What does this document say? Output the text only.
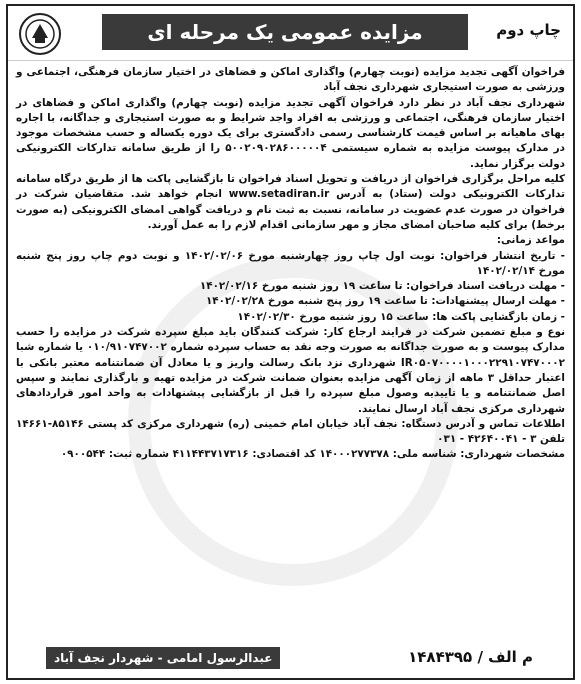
مزایده عمومی یک مرحله ای	چاپ دوم

فراخوان آگهی تجدید مزایده (نوبت چهارم) واگذاری اماکن و فضاهای در اختیار سازمان فرهنگی، اجتماعی و ورزشی به صورت استیجاری شهرداری نجف آباد

شهرداری نجف آباد در نظر دارد فراخوان آگهی تجدید مزایده (نوبت چهارم) واگذاری اماکن و فضاهای در اختیار سازمان فرهنگی، اجتماعی و ورزشی به افراد واجد شرایط و به صورت استیجاری و جداگانه، با اجاره بهای ماهیانه بر اساس قیمت کارشناسی رسمی دادگستری برای یک دوره یکساله و حسب مشخصات موجود در مدارک پیوست مزایده به شماره سیستمی ۵۰۰۲۰۹۰۲۸۶۰۰۰۰۰۴ را از طریق سامانه تدارکات الکترونیکی دولت برگزار نماید.

کلیه مراحل برگزاری فراخوان از دریافت و تحویل اسناد فراخوان تا بازگشایی پاکت ها از طریق درگاه سامانه تدارکات الکترونیکی دولت (ستاد) به آدرس www.setadiran.ir انجام خواهد شد. متقاضیان شرکت در فراخوان در صورت عدم عضویت در سامانه، نسبت به ثبت نام و دریافت گواهی امضای الکترونیکی (به صورت برخط) برای کلیه صاحبان امضای مجاز و مهر سازمانی اقدام لازم را به عمل آورند.

مواعد زمانی:

- تاریخ انتشار فراخوان: نوبت اول چاپ روز چهارشنبه مورخ ۱۴۰۲/۰۲/۰۶ و نوبت دوم چاپ روز پنج شنبه مورخ ۱۴۰۲/۰۲/۱۴

- مهلت دریافت اسناد فراخوان: تا ساعت ۱۹ روز شنبه مورخ ۱۴۰۲/۰۲/۱۶

- مهلت ارسال پیشنهادات: تا ساعت ۱۹ روز پنج شنبه مورخ ۱۴۰۲/۰۲/۲۸

- زمان بازگشایی پاکت ها: ساعت ۱۵ روز شنبه مورخ ۱۴۰۲/۰۲/۳۰

نوع و مبلغ تضمین شرکت در فرایند ارجاع کار: شرکت کنندگان باید مبلغ سپرده شرکت در مزایده را حسب مدارک پیوست و به صورت جداگانه به صورت وجه نقد به حساب سپرده شماره ۰۱۰/۹۱۰۷۴۷۰۰۲ یا شماره شبا IR۰۵۰۷۰۰۰۰۱۰۰۰۲۲۹۱۰۷۴۷۰۰۰۲ شهرداری نزد بانک رسالت واریز و یا معادل آن ضمانتنامه معتبر بانکی با اعتبار حداقل ۳ ماهه از زمان آگهی مزایده بعنوان ضمانت شرکت در مزایده تهیه و بارگذاری نمایند و سپس اصل ضمانتنامه و یا تاییدیه وصول مبلغ سپرده را قبل از بازگشایی پیشنهادات به واحد امور قراردادهای شهرداری مرکزی نجف آباد ارسال نمایند.

اطلاعات تماس و آدرس دستگاه: نجف آباد خیابان امام خمینی (ره) شهرداری مرکزی کد پستی ۸۵۱۴۶-۱۴۶۶۱ تلفن ۳ - ۴۲۶۴۰۰۴۱ - ۰۳۱

مشخصات شهرداری: شناسه ملی: ۱۴۰۰۰۲۷۷۳۷۸ کد اقتصادی: ۴۱۱۴۴۳۷۱۷۳۱۶ شماره ثبت: ۰۹۰۰۵۴۴

عبدالرسول امامی - شهردار نجف آباد	م الف / ۱۴۸۴۳۹۵
